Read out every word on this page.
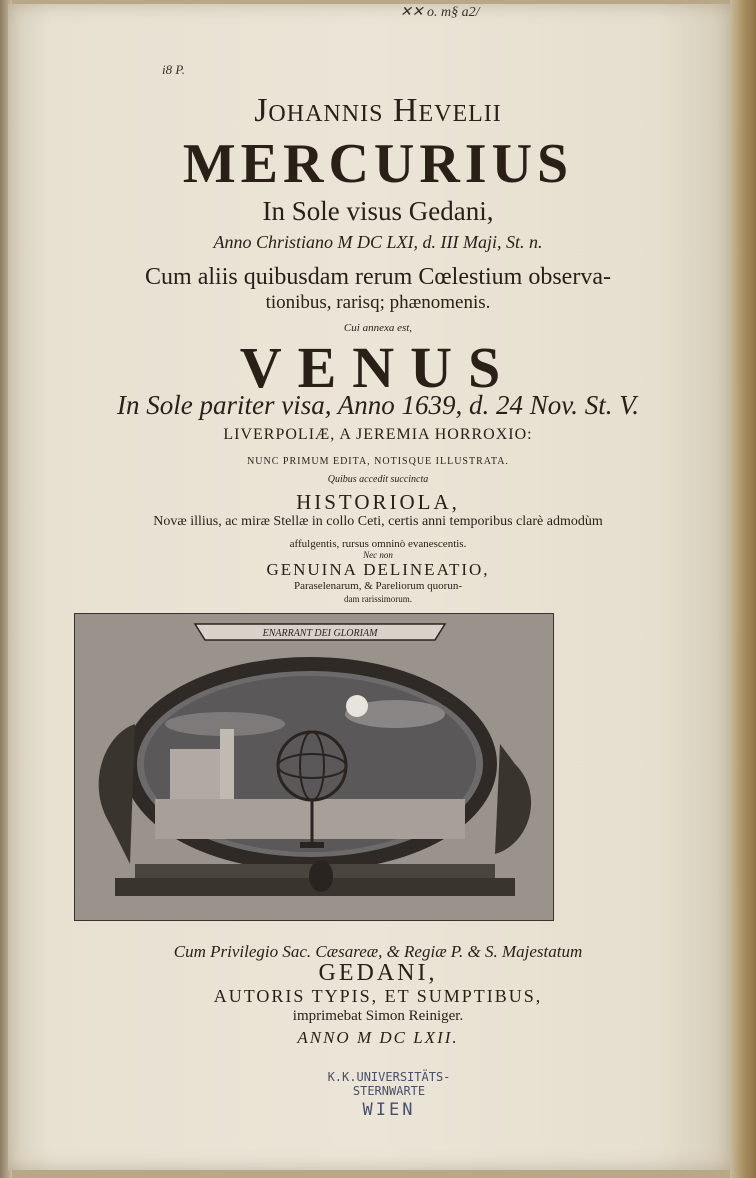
✕✕ o. m§ a2/
i8 P.
Johannis Hevelii
MERCURIUS
In Sole visus Gedani,
Anno Christiano M DC LXI, d. III Maji, St. n.
Cum aliis quibusdam rerum Cœlestium observa-
tionibus, rarisq; phænomenis.
Cui annexa est,
VENUS
In Sole pariter visa, Anno 1639, d. 24 Nov. St. V.
LIVERPOLIÆ, A JEREMIA HORROXIO:
NUNC PRIMUM EDITA, NOTISQUE ILLUSTRATA.
Quibus accedit succincta
HISTORIOLA,
Novæ illius, ac miræ Stellæ in collo Ceti, certis anni temporibus clarè admodùm
affulgentis, rursus omninò evanescentis.
Nec non
GENUINA DELINEATIO,
Paraselenarum, & Pareliorum quorun-
dam rarissimorum.
ENARRANT DEI GLORIAM
Cum Privilegio Sac. Cæsareæ, & Regiæ P. & S. Majestatum
GEDANI,
AUTORIS TYPIS, ET SUMPTIBUS,
imprimebat Simon Reiniger.
ANNO M DC LXII.
K.K.UNIVERSITÄTS-STERNWARTE
WIEN
